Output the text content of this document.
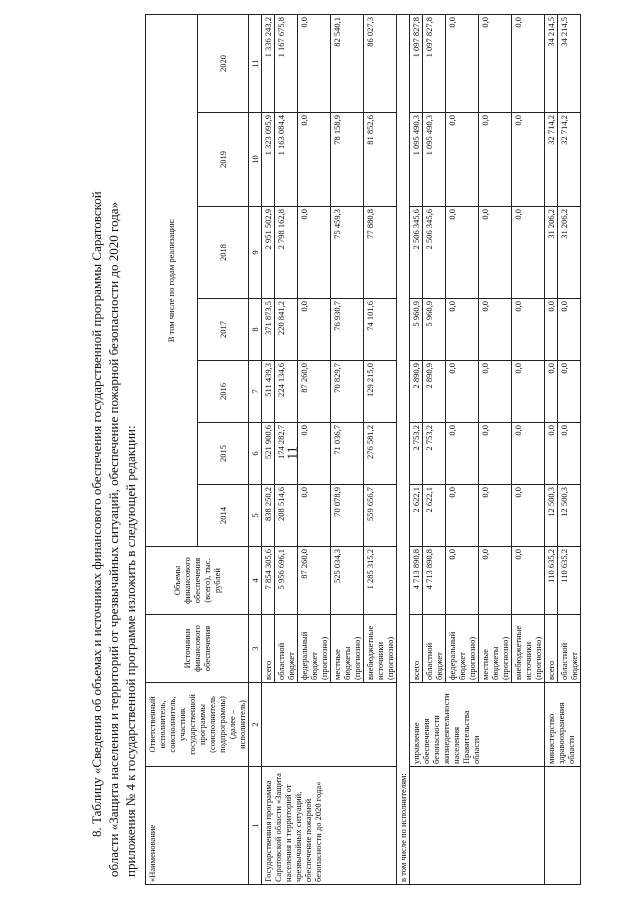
11

8. Таблицу «Сведения об объемах и источниках финансового обеспечения государственной программы Саратовской области «Защита населения и территорий от чрезвычайных ситуаций, обеспечение пожарной безопасности до 2020 года» приложения № 4 к государственной программе изложить в следующей редакции: «Наименование	Ответственный исполнитель, соисполнитель, участник государственной программы (соисполнитель подпрограммы) (далее – исполнитель)	Источники финансового обеспечения	Объемы финансового обеспечения (всего), тыс. рублей	В том числе по годам реализации:						
				2014	2015	2016	2017	2018	2019	2020
1	2	3	4	5	6	7	8	9	10	11
Государственная программа Саратовской области «Защита населения и территорий от чрезвычайных ситуаций, обеспечение пожарной безопасности до 2020 года»		всего	7 854 305,6	838 250,2	521 900,6	511 439,3	371 873,5	2 951 502,9	1 323 095,9	1 336 243,2
		областной бюджет	5 956 696,1	208 514,6	174 282,7	224 134,6	220 841,2	2 798 162,8	1 163 084,4	1 167 675,8
		федеральный бюджет (прогнозно)	87 260,0	0,0	0,0	87 260,0	0,0	0,0	0,0	0,0
		местные бюджеты (прогнозно)	525 034,3	70 078,9	71 036,7	70 829,7	76 930,7	75 459,3	78 158,9	82 540,1
		внебюджетные источники (прогнозно)	1 285 315,2	559 656,7	276 581,2	129 215,0	74 101,6	77 880,8	81 852,6	86 027,3
в том числе по исполнителям:										
	управление обеспечения безопасности жизнедеятельности населения Правительства области	всего	4 713 890,8	2 622,1	2 753,2	2 890,9	5 960,9	2 506 345,6	1 095 490,3	1 097 827,8
		областной бюджет	4 713 890,8	2 622,1	2 753,2	2 890,9	5 960,9	2 506 345,6	1 095 490,3	1 097 827,8
		федеральный бюджет (прогнозно)	0,0	0,0	0,0	0,0	0,0	0,0	0,0	0,0
		местные бюджеты (прогнозно)	0,0	0,0	0,0	0,0	0,0	0,0	0,0	0,0
		внебюджетные источники (прогнозно)	0,0	0,0	0,0	0,0	0,0	0,0	0,0	0,0
	министерство здравоохранения области	всего	110 635,2	12 500,3	0,0	0,0	0,0	31 206,2	32 714,2	34 214,5
		областной бюджет	110 635,2	12 500,3	0,0	0,0	0,0	31 206,2	32 714,2	34 214,5
